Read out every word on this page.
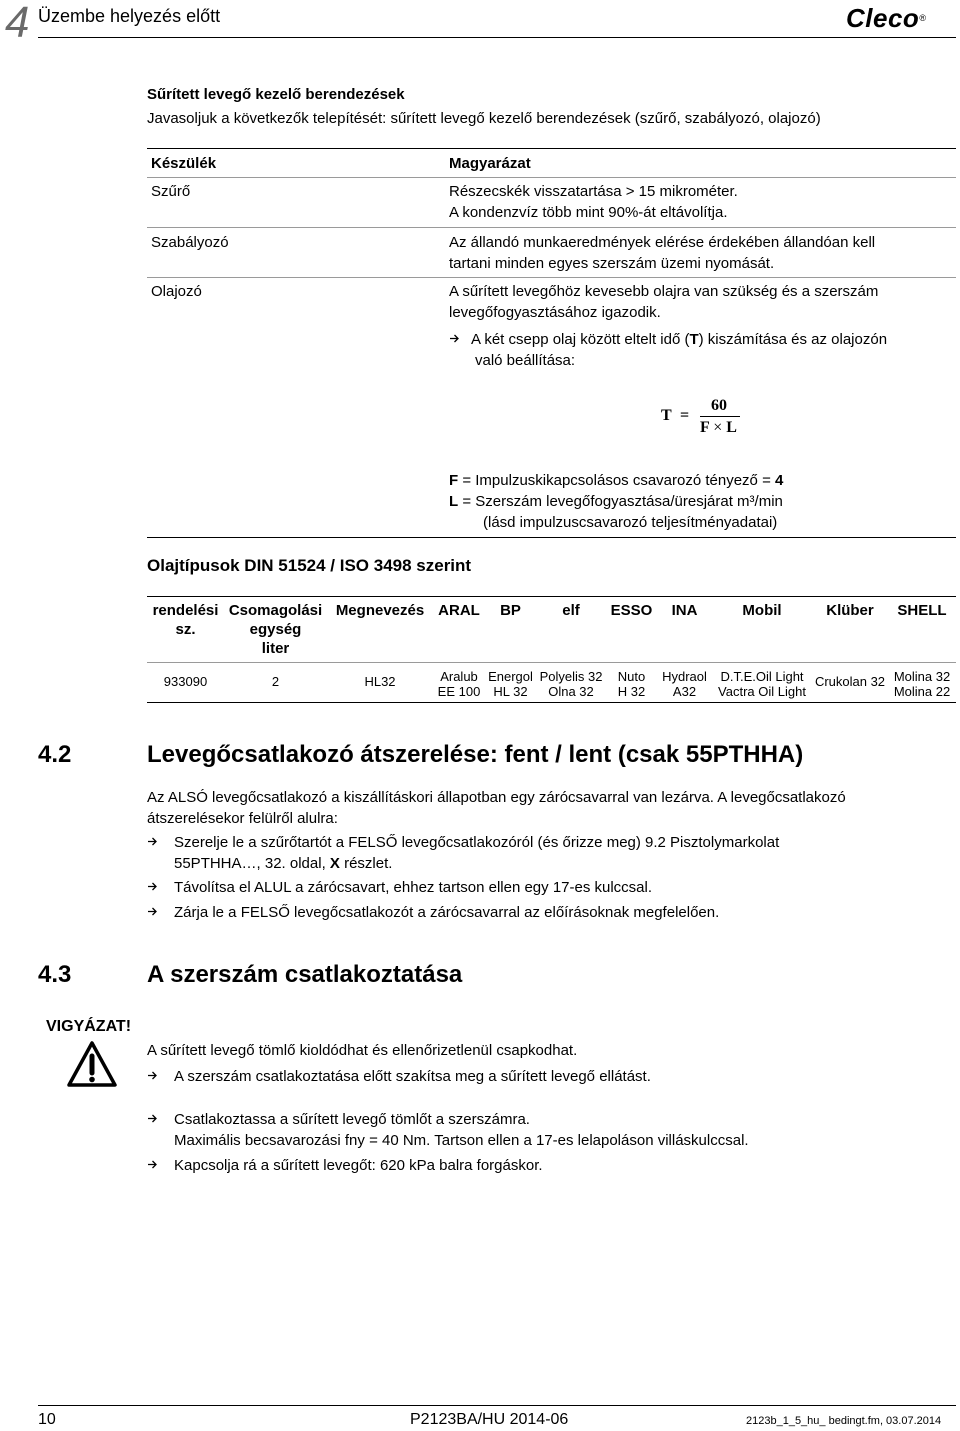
4 Üzembe helyezés előtt	Cleco®
Sűrített levegő kezelő berendezések
Javasoljuk a következők telepítését: sűrített levegő kezelő berendezések (szűrő, szabályozó, olajozó)
Készülék	Magyarázat
Szűrő	Részecskék visszatartása > 15 mikrométer.
A kondenzvíz több mint 90%-át eltávolítja.
Szabályozó	Az állandó munkaeredmények elérése érdekében állandóan kell
tartani minden egyes szerszám üzemi nyomását.
Olajozó	A sűrített levegőhöz kevesebb olajra van szükség és a szerszám
levegőfogyasztásához igazodik.
A két csepp olaj között eltelt idő (T) kiszámítása és az olajozón
való beállítása:
T =
60
F × L
F = Impulzuskikapcsolásos csavarozó tényező = 4
L = Szerszám levegőfogyasztása/üresjárat m³/min
(lásd impulzuscsavarozó teljesítményadatai)
Olajtípusok DIN 51524 / ISO 3498 szerint
rendelési
sz.	Csomagolási
egység
liter	Megnevezés	ARAL	BP	elf	ESSO	INA	Mobil	Klüber	SHELL
933090	2	HL32	Aralub
EE 100	Energol
HL 32	Polyelis 32
Olna 32	Nuto
H 32	Hydraol
A32	D.T.E.Oil Light
Vactra Oil Light	Crukolan 32	Molina 32
Molina 22
4.2	Levegőcsatlakozó átszerelése: fent / lent (csak 55PTHHA)
Az ALSÓ levegőcsatlakozó a kiszállításkori állapotban egy zárócsavarral van lezárva. A levegőcsatlakozó
átszerelésekor felülről alulra:
Szerelje le a szűrőtartót a FELSŐ levegőcsatlakozóról (és őrizze meg) 9.2 Pisztolymarkolat
55PTHHA…, 32. oldal, X részlet.
Távolítsa el ALUL a zárócsavart, ehhez tartson ellen egy 17-es kulccsal.
Zárja le a FELSŐ levegőcsatlakozót a zárócsavarral az előírásoknak megfelelően.
4.3	A szerszám csatlakoztatása
VIGYÁZAT!
A sűrített levegő tömlő kioldódhat és ellenőrizetlenül csapkodhat.
A szerszám csatlakoztatása előtt szakítsa meg a sűrített levegő ellátást.
Csatlakoztassa a sűrített levegő tömlőt a szerszámra.
Maximális becsavarozási fny = 40 Nm. Tartson ellen a 17-es lelapoláson villáskulccsal.
Kapcsolja rá a sűrített levegőt: 620 kPa balra forgáskor.
10	P2123BA/HU 2014-06	2123b_1_5_hu_ bedingt.fm, 03.07.2014
